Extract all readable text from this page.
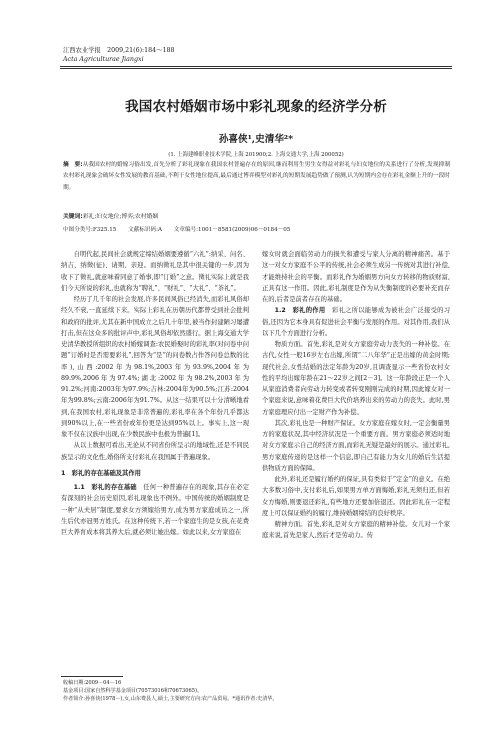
江西农业学报　2009,21(6):184～188
Acta Agriculturae Jiangxi
我国农村婚姻市场中彩礼现象的经济学分析
孙喜侠¹,史清华²*
(1. 上海建峰职业技术学院,上海 201900;2. 上海交通大学,上海 200052)
摘　要:从我国农村的婚嫁习俗出发,首先分析了彩礼现象在我国农村普遍存在的原因,继而利用生男生女得益对彩礼与妇女地位的关系进行了分析,发现抑制农村彩礼现象会破坏女性发展的教育基础,不利于女性地位提高,最后通过博弈模型对彩礼的短期发展趋势做了预测,认为短期内会存在彩礼金额上升的一段时期。
关键词:彩礼;妇女地位;博弈;农村婚姻
中图分类号:F325.15 文献标识码:A 文章编号:1001－8581(2009)06－0184－05

自明代起,民间社会就规定缔结婚姻要遵循“六礼”:纳采、问名、纳吉、纳徵(征)、请期、亲迎。而纳徵礼是其中很关键的一步,因为收下了徵礼,就意味着同意了婚事,即“订婚”之意。徵礼实际上就是我们今天所说的彩礼,也就称为“聘礼”、“财礼”、“大礼”、“茶礼”。

经历了几千年的社会发展,许多民间风俗已经消失,而彩礼风俗却经久不衰,一直延续下来。实际上彩礼在历朝历代都曾受到社会批判和政府的批评,尤其在新中国成立之后几十年里,被当作封建陋习屡遭打击,但在这众多的批评声中,彩礼风俗却依然盛行。据上海交通大学史清华教授所组织的农村婚嫁调查:农民婚娶时的彩礼率(对问卷中问题“订婚时是否需要彩礼”,回答为“是”的问卷数占作答问卷总数的比率),山西:2002年为98.1%,2003年为93.9%,2004年为89.9%,2006年为97.4%;湖北:2002年为98.2%,2003年为91.2%;河南:2003年为97.9%;吉林:2004年为90.5%;江苏:2004年为99.8%;云南:2006年为91.7%。从这一结果可以十分清晰地看到,在我国农村,彩礼现象是非常普遍的,彩礼率在各个年份几乎都达到90%以上,在一些省份或年份更是达到95%以上。事实上,这一现象不仅在汉族中出现,在少数民族中也极为普遍[1]。

从以上数据可看出,无论从不同省份所呈示的地域性,还是不同民族呈示的文化性,婚俗所支付彩礼在我国属于普遍现象。

1　彩礼的存在基础及其作用

1.1　彩礼的存在基础　 任何一种普遍存在的现象,其存在必定有深刻的社会历史原因,彩礼现象也不例外。中国传统的婚姻制度是一种“从夫居”制度,要求女方须嫁给男方,成为男方家庭成员之一,所生后代亦冠男方姓氏。在这种传统下,若一个家庭生的是女孩,在花费巨大养育成本将其养大后,就必须让她出嫁。如此以来,女方家庭在

嫁女时就会面临劳动力的损失和遭受与家人分离的精神痛苦。基于这一对女方家庭不公平的传统,社会必须生成另一传统对其进行补偿,才能维持社会的平衡。而彩礼作为婚姻男方向女方转移的物质财富,正具有这一作用。因此,彩礼制度是作为从失衡制度的必要补充而存在的,后者是前者存在的基础。

1.2　彩礼的作用　 彩礼之所以能够成为被社会广泛接受的习俗,还因为它本身具有促进社会平衡与发展的作用。对其作用,我们从以下几个方面进行分析。

物质方面。首先,彩礼是对女方家庭劳动力丧失的一种补偿。在古代,女性一般16岁左右出嫁,所谓“二八年华”正是出嫁的黄金时期;现代社会,女性结婚的法定年龄为20岁,且调查显示一些省份农村女性的平均出嫁年龄在21～22岁之间[2－3]。这一年龄段正是一个人从家庭消费者向劳动力转变或者转变刚刚完成的时期,因此嫁女对一个家庭来说,意味着花费巨大代价培养出来的劳动力的丧失。此时,男方家庭理应付出一定财产作为补偿。

其次,彩礼也是一种财产保证。女方家庭在嫁女时,一定会衡量男方的家庭状况,其中经济状况是一个重要方面。男方家庭必须适时地对女方家庭示自己的经济方面,而彩礼无疑是最好的展示。通过彩礼,男方家庭传递的是这样一个信息,即自己有能力为女儿的婚后生活提供物质方面的保障。

此外,彩礼还是履行婚约的保证,具有类似于“定金”的意义。在绝大多数习俗中,支付彩礼后,如果男方单方面悔婚,彩礼无须归还,但若女方悔婚,则要退还彩礼,有些地方还要加倍退还。因此彩礼在一定程度上可以保证婚约的履行,维持婚姻缔结的良好秩序。

精神方面。首先,彩礼是对女方家庭的精神补偿。女儿对一个家庭来说,首先是家人,然后才是劳动力。传

收稿日期:2009－04－16
基金项目:国家自然科学基金项目(70573016和70673065)。
作者简介:孙喜侠(1978－),女,山东费县人,硕士,主要研究方向:农产品贸易。*通讯作者:史清华。
